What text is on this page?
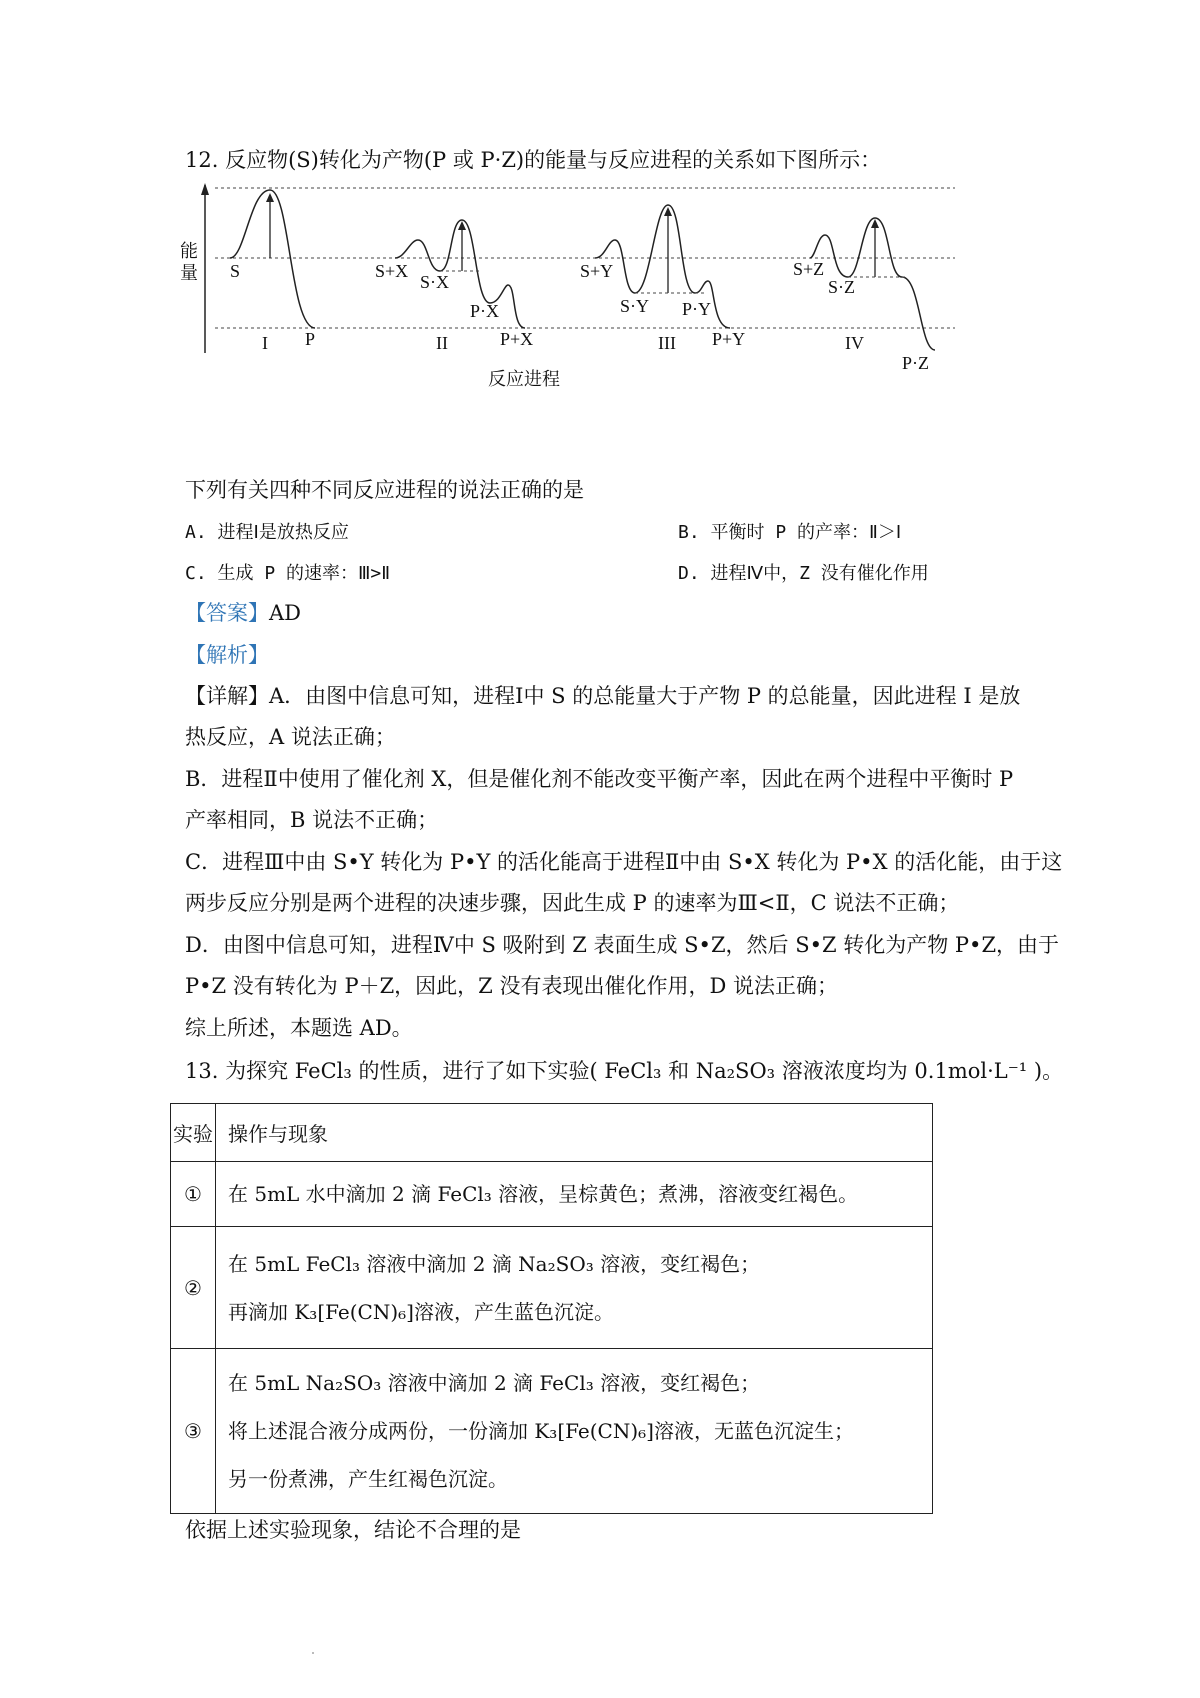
12. 反应物(S)转化为产物(P 或 P·Z)的能量与反应进程的关系如下图所示：
能
量 S
I P
S+X
S·X
P·X
II	P+X
S+Y
S·Y P·Y
III P+Y
S+Z
S·Z
IV
P·Z
反应进程
下列有关四种不同反应进程的说法正确的是
A. 进程Ⅰ是放热反应	B. 平衡时 P 的产率：Ⅱ＞Ⅰ
C. 生成 P 的速率：Ⅲ>Ⅱ	D. 进程Ⅳ中，Z 没有催化作用
【答案】AD
【解析】
【详解】A．由图中信息可知，进程Ⅰ中 S 的总能量大于产物 P 的总能量，因此进程 I 是放
热反应，A 说法正确；
B．进程Ⅱ中使用了催化剂 X，但是催化剂不能改变平衡产率，因此在两个进程中平衡时 P
产率相同，B 说法不正确；
C．进程Ⅲ中由 S•Y 转化为 P•Y 的活化能高于进程Ⅱ中由 S•X 转化为 P•X 的活化能，由于这
两步反应分别是两个进程的决速步骤，因此生成 P 的速率为Ⅲ<Ⅱ，C 说法不正确；
D．由图中信息可知，进程Ⅳ中 S 吸附到 Z 表面生成 S•Z，然后 S•Z 转化为产物 P•Z，由于
P•Z 没有转化为 P＋Z，因此，Z 没有表现出催化作用，D 说法正确；
综上所述，本题选 AD。
13. 为探究 FeCl₃ 的性质，进行了如下实验( FeCl₃ 和 Na₂SO₃ 溶液浓度均为 0.1mol·L⁻¹ )。
实验	操作与现象
①	在 5mL 水中滴加 2 滴 FeCl₃ 溶液，呈棕黄色；煮沸，溶液变红褐色。

②	在 5mL FeCl₃ 溶液中滴加 2 滴 Na₂SO₃ 溶液，变红褐色；
再滴加 K₃[Fe(CN)₆]溶液，产生蓝色沉淀。

③	在 5mL Na₂SO₃ 溶液中滴加 2 滴 FeCl₃ 溶液，变红褐色；
将上述混合液分成两份，一份滴加 K₃[Fe(CN)₆]溶液，无蓝色沉淀生；
另一份煮沸，产生红褐色沉淀。
依据上述实验现象，结论不合理的是
